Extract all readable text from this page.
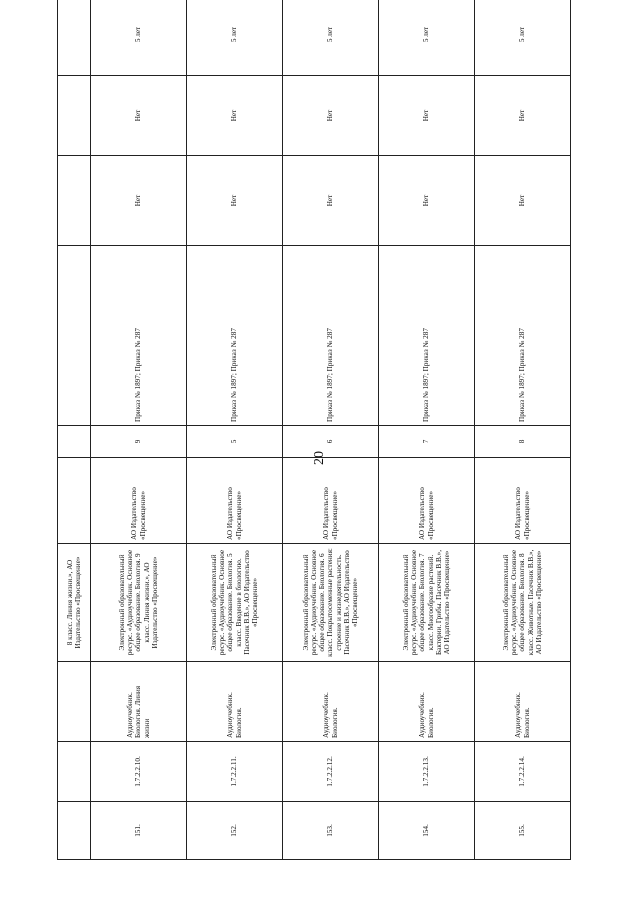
20
			8 класс. Линия жизни.», АО Издательство «Просвещение»						
151.	1.7.2.2.10.	Аудиоучебник. Биология. Линия жизни	Электронный образовательный ресурс. «Аудиоучебник. Основное общее образование. Биология. 9 класс. Линия жизни.», АО Издательство «Просвещение»	АО Издательство «Просвещение»	9	Приказ № 1897; Приказ № 287	Нет	Нет	5 лет
152.	1.7.2.2.11.	Аудиоучебник. Биология.	Электронный образовательный ресурс. «Аудиоучебник. Основное общее образование. Биология. 5 класс. Введение в биологию. Пасечник В.В.», АО Издательство «Просвещение»	АО Издательство «Просвещение»	5	Приказ № 1897; Приказ № 287	Нет	Нет	5 лет
153.	1.7.2.2.12.	Аудиоучебник. Биология.	Электронный образовательный ресурс. «Аудиоучебник. Основное общее образование. Биология. 6 класс. Покрытосеменные растения: строение и жизнедеятельность. Пасечник В.В.», АО Издательство «Просвещение»	АО Издательство «Просвещение»	6	Приказ № 1897; Приказ № 287	Нет	Нет	5 лет
154.	1.7.2.2.13.	Аудиоучебник. Биология.	Электронный образовательный ресурс. «Аудиоучебник. Основное общее образование. Биология. 7 класс. Многообразие растений. Бактерии. Грибы. Пасечник В.В.», АО Издательство «Просвещение»	АО Издательство «Просвещение»	7	Приказ № 1897; Приказ № 287	Нет	Нет	5 лет
155.	1.7.2.2.14.	Аудиоучебник. Биология.	Электронный образовательный ресурс. «Аудиоучебник. Основное общее образование. Биология. 8 класс. Животные. Пасечник В.В.», АО Издательство «Просвещение»	АО Издательство «Просвещение»	8	Приказ № 1897; Приказ № 287	Нет	Нет	5 лет
